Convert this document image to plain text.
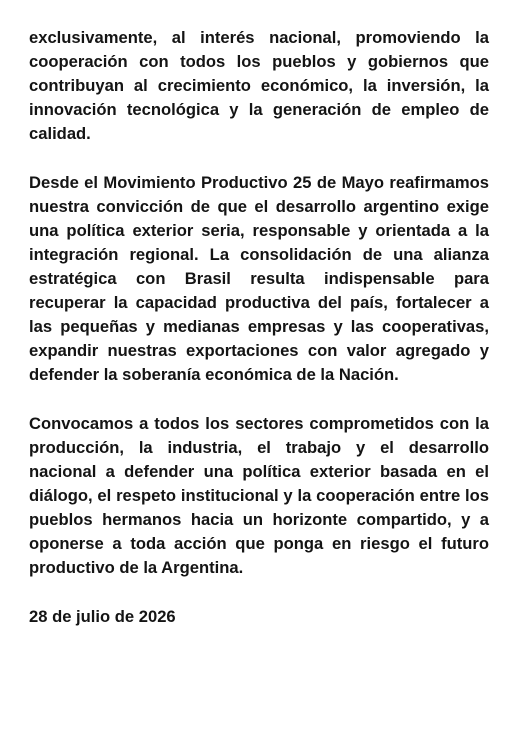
exclusivamente, al interés nacional, promoviendo la cooperación con todos los pueblos y gobiernos que contribuyan al crecimiento económico, la inversión, la innovación tecnológica y la generación de empleo de calidad.

Desde el Movimiento Productivo 25 de Mayo reafirmamos nuestra convicción de que el desarrollo argentino exige una política exterior seria, responsable y orientada a la integración regional. La consolidación de una alianza estratégica con Brasil resulta indispensable para recuperar la capacidad productiva del país, fortalecer a las pequeñas y medianas empresas y las cooperativas, expandir nuestras exportaciones con valor agregado y defender la soberanía económica de la Nación.

Convocamos a todos los sectores comprometidos con la producción, la industria, el trabajo y el desarrollo nacional a defender una política exterior basada en el diálogo, el respeto institucional y la cooperación entre los pueblos hermanos hacia un horizonte compartido, y a oponerse a toda acción que ponga en riesgo el futuro productivo de la Argentina.

28 de julio de 2026
